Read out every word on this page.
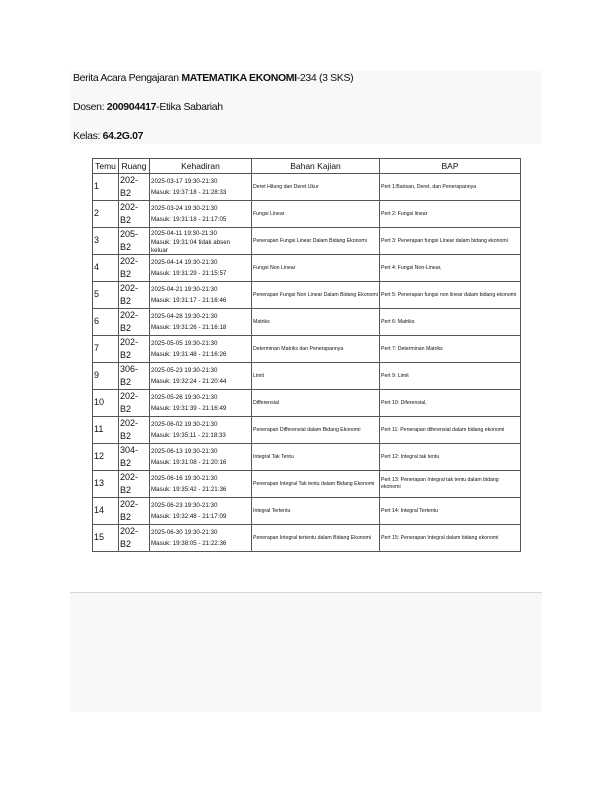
Berita Acara Pengajaran MATEMATIKA EKONOMI-234 (3 SKS)
Dosen: 200904417-Etika Sabariah
Kelas: 64.2G.07
Temu	Ruang	Kehadiran	Bahan Kajian	BAP
1	202-B2	2025-03-17 19:30-21:30
Masuk: 19:37:18 - 21:28:33	Deret Hitung dan Deret Ukur	Pert 1:Barisan, Deret, dan Penerapannya
2	202-B2	2025-03-24 19:30-21:30
Masuk: 19:31:18 - 21:17:05	Fungsi Linear	Pert 2: Fungsi linear
3	205-B2	2025-04-11 19:30-21:30
Masuk: 19:31:04 tidak absen
keluar	Penerapan Fungsi Linear Dalam Bidang Ekonomi	Pert 3: Penerapan fungsi Linear dalam bidang ekonomi
4	202-B2	2025-04-14 19:30-21:30
Masuk: 19:31:29 - 21:15:57	Fungsi Non Linear	Pert 4: Fungsi Non-Linear,
5	202-B2	2025-04-21 19:30-21:30
Masuk: 19:31:17 - 21:16:46	Penerapan Fungsi Non Linear Dalam Bidang Ekonomi	Pert 5: Penerapan fungsi non linear dalam bidang ekonomi
6	202-B2	2025-04-28 19:30-21:30
Masuk: 19:31:26 - 21:16:18	Matriks	Pert 6: Matriks
7	202-B2	2025-05-05 19:30-21:30
Masuk: 19:31:48 - 21:16:26	Determinan Matriks dan Penerapannya	Pert 7: Determinan Matriks
9	306-B2	2025-05-23 19:30-21:30
Masuk: 19:32:24 - 21:20:44	Limit	Pert 9: Limit
10	202-B2	2025-05-26 19:30-21:30
Masuk: 19:31:39 - 21:16:49	Differensial	Pert 10: Diferensial,
11	202-B2	2025-06-02 19:30-21:30
Masuk: 19:35:11 - 21:18:33	Penerapan Differensial dalam Bidang Ekonomi	Pert 11: Penerapan diferensial dalam bidang ekonomi
12	304-B2	2025-06-13 19:30-21:30
Masuk: 19:31:08 - 21:20:16	Integral Tak Tentu	Pert 12: Integral tak tentu
13	202-B2	2025-06-16 19:30-21:30
Masuk: 19:35:42 - 21:21:36	Penerapan Integral Tak tentu dalam Bidang Ekonomi	Pert 13: Penerapan Integral tak tentu dalam bidang ekonomi
14	202-B2	2025-06-23 19:30-21:30
Masuk: 19:32:48 - 21:17:09	Integral Tertentu	Pert 14: Integral Tertentu
15	202-B2	2025-06-30 19:30-21:30
Masuk: 19:38:05 - 21:22:36	Penerapan Integral tertentu dalam Bidang Ekonomi	Pert 15: Penerapan Integral dalam bidang ekonomi
